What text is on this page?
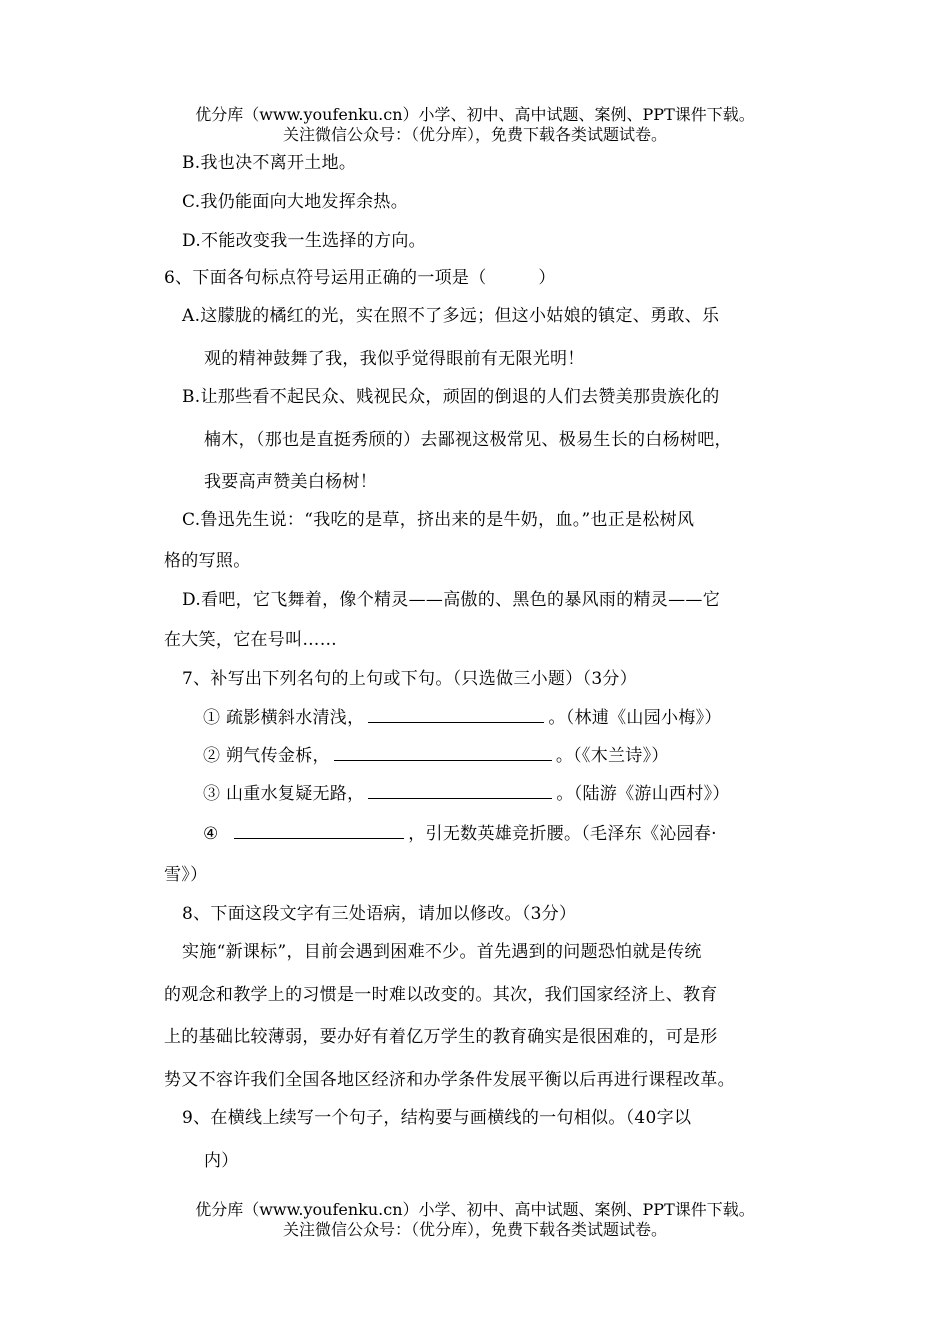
优分库（www.youfenku.cn）小学、初中、高中试题、案例、PPT课件下载。
关注微信公众号：（优分库），免费下载各类试题试卷。
B.我也决不离开土地。
C.我仍能面向大地发挥余热。
D.不能改变我一生选择的方向。
6、下面各句标点符号运用正确的一项是（　　　）
A.这朦胧的橘红的光，实在照不了多远；但这小姑娘的镇定、勇敢、乐
观的精神鼓舞了我，我似乎觉得眼前有无限光明！
B.让那些看不起民众、贱视民众，顽固的倒退的人们去赞美那贵族化的
楠木，（那也是直挺秀颀的）去鄙视这极常见、极易生长的白杨树吧，
我要高声赞美白杨树！
C.鲁迅先生说：“我吃的是草，挤出来的是牛奶，血。”也正是松树风
格的写照。
D.看吧，它飞舞着，像个精灵——高傲的、黑色的暴风雨的精灵——它
在大笑，它在号叫……
7、补写出下列名句的上句或下句。（只选做三小题）（3分）
① 疏影横斜水清浅，	。（林逋《山园小梅》）
② 朔气传金柝，	。（《木兰诗》）
③ 山重水复疑无路，	。（陆游《游山西村》）
④	，引无数英雄竞折腰。（毛泽东《沁园春·
雪》）
8、下面这段文字有三处语病，请加以修改。（3分）
实施“新课标”，目前会遇到困难不少。首先遇到的问题恐怕就是传统
的观念和教学上的习惯是一时难以改变的。其次，我们国家经济上、教育
上的基础比较薄弱，要办好有着亿万学生的教育确实是很困难的，可是形
势又不容许我们全国各地区经济和办学条件发展平衡以后再进行课程改革。
9、在横线上续写一个句子，结构要与画横线的一句相似。（40字以
内）
优分库（www.youfenku.cn）小学、初中、高中试题、案例、PPT课件下载。
关注微信公众号：（优分库），免费下载各类试题试卷。
